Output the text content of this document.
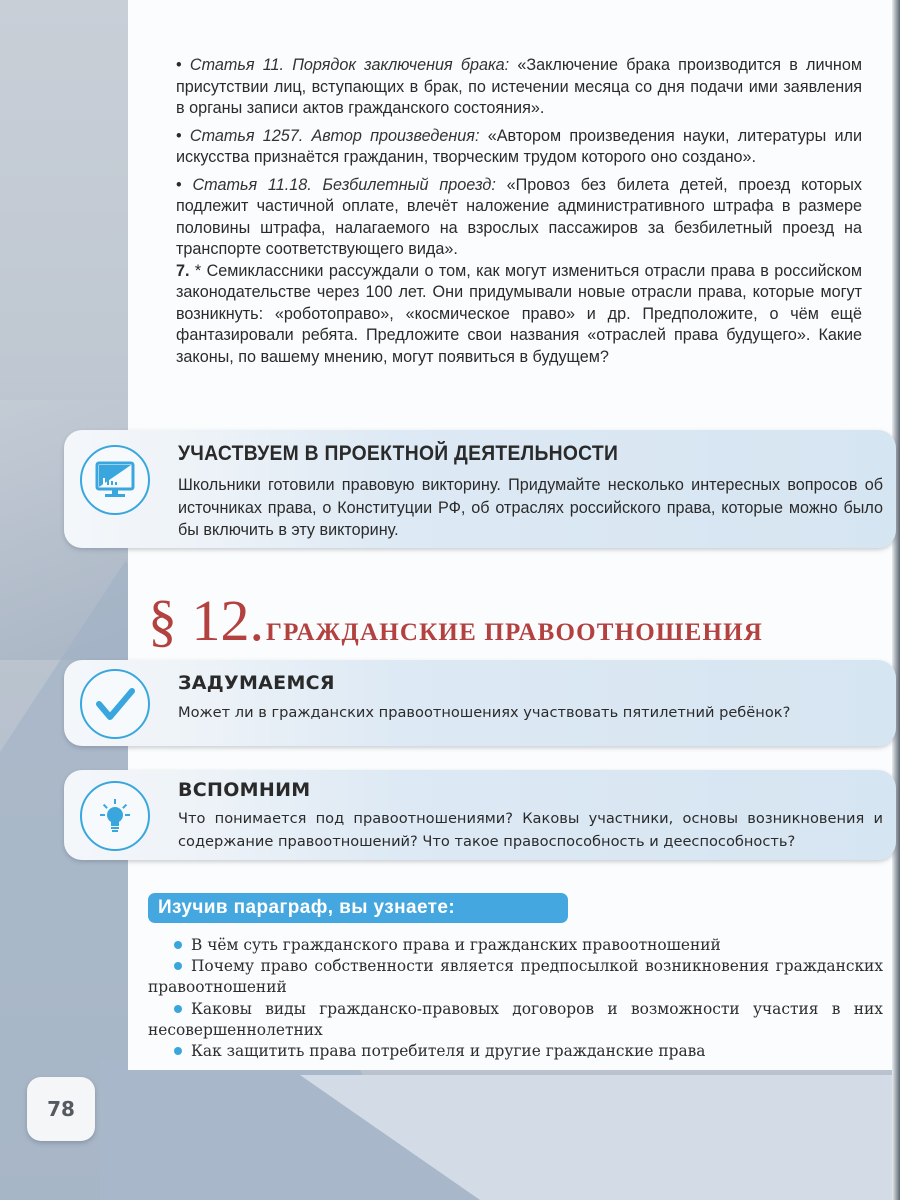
• Статья 11. Порядок заключения брака: «Заключение брака производится в личном присутствии лиц, вступающих в брак, по истечении месяца со дня подачи ими заявления в органы записи актов гражданского состояния».

• Статья 1257. Автор произведения: «Автором произведения науки, литературы или искусства признаётся гражданин, творческим трудом которого оно создано».

• Статья 11.18. Безбилетный проезд: «Провоз без билета детей, проезд которых подлежит частичной оплате, влечёт наложение административного штрафа в размере половины штрафа, налагаемого на взрослых пассажиров за безбилетный проезд на транспорте соответствующего вида».

7. * Семиклассники рассуждали о том, как могут измениться отрасли права в российском законодательстве через 100 лет. Они придумывали новые отрасли права, которые могут возникнуть: «роботоправо», «космическое право» и др. Предположите, о чём ещё фантазировали ребята. Предложите свои названия «отраслей права будущего». Какие законы, по вашему мнению, могут появиться в будущем?

УЧАСТВУЕМ В ПРОЕКТНОЙ ДЕЯТЕЛЬНОСТИ
Школьники готовили правовую викторину. Придумайте несколько интересных вопросов об источниках права, о Конституции РФ, об отраслях российского права, которые можно было бы включить в эту викторину.
§ 12.ГРАЖДАНСКИЕ ПРАВООТНОШЕНИЯ
ЗАДУМАЕМСЯ
Может ли в гражданских правоотношениях участвовать пятилетний ребёнок?
ВСПОМНИМ
Что понимается под правоотношениями? Каковы участники, основы возникновения и содержание правоотношений? Что такое правоспособность и дееспособность?
Изучив параграф, вы узнаете:
В чём суть гражданского права и гражданских правоотношений
Почему право собственности является предпосылкой возникновения гражданских правоотношений
Каковы виды гражданско-правовых договоров и возможности участия в них несовершеннолетних
Как защитить права потребителя и другие гражданские права
78
